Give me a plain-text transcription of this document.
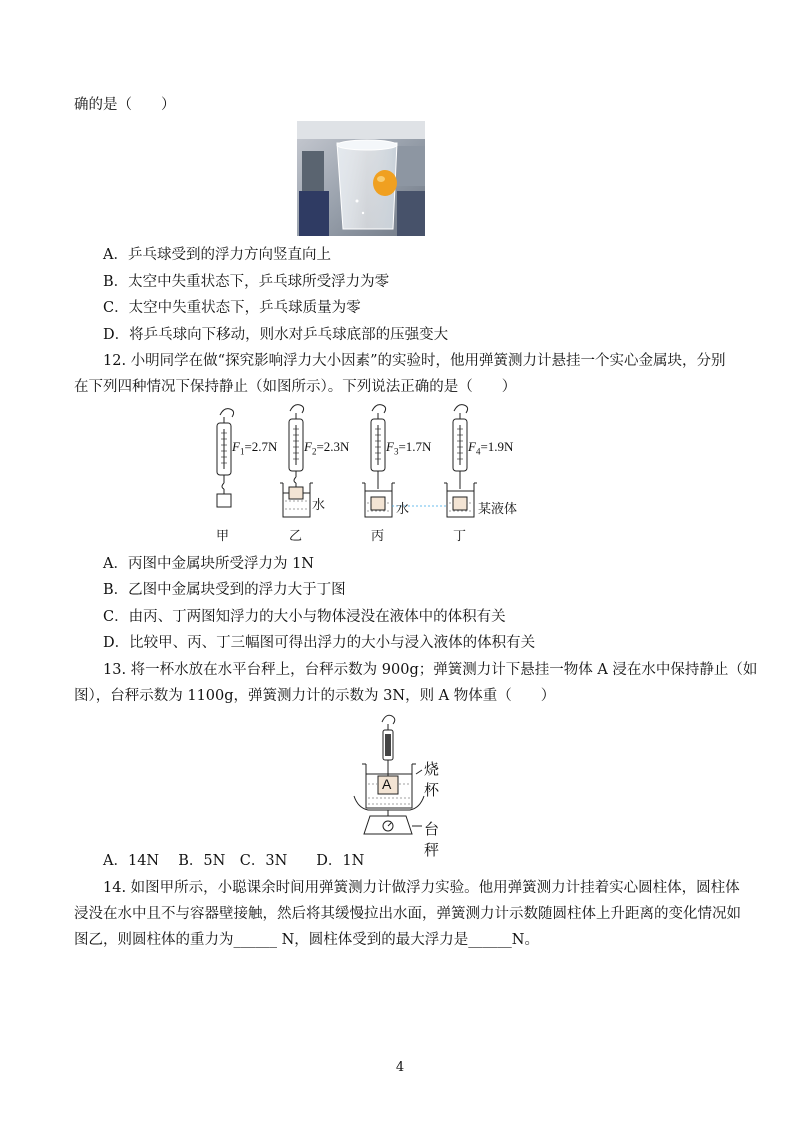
确的是（　　）
A．乒乓球受到的浮力方向竖直向上
B．太空中失重状态下，乒乓球所受浮力为零
C．太空中失重状态下，乒乓球质量为零
D．将乒乓球向下移动，则水对乒乓球底部的压强变大
12. 小明同学在做“探究影响浮力大小因素”的实验时，他用弹簧测力计悬挂一个实心金属块，分别
在下列四种情况下保持静止（如图所示）。下列说法正确的是（　　）
$F_1=2.7N$ $F_2=2.3N$	$F_3=1.7N$	$F_4=1.9N$
水	水	某液体
甲	乙	丙	丁
A．丙图中金属块所受浮力为 1N
B．乙图中金属块受到的浮力大于丁图
C．由丙、丁两图知浮力的大小与物体浸没在液体中的体积有关
D．比较甲、丙、丁三幅图可得出浮力的大小与浸入液体的体积有关
13. 将一杯水放在水平台秤上，台秤示数为 900g；弹簧测力计下悬挂一物体 A 浸在水中保持静止（如
图），台秤示数为 1100g，弹簧测力计的示数为 3N，则 A 物体重（　　）
A
烧杯
台秤
A．14N　 B．5N　C．3N　　D．1N
14. 如图甲所示，小聪课余时间用弹簧测力计做浮力实验。他用弹簧测力计挂着实心圆柱体，圆柱体
浸没在水中且不与容器壁接触，然后将其缓慢拉出水面，弹簧测力计示数随圆柱体上升距离的变化情况如
图乙，则圆柱体的重力为______ N，圆柱体受到的最大浮力是______N。
4
